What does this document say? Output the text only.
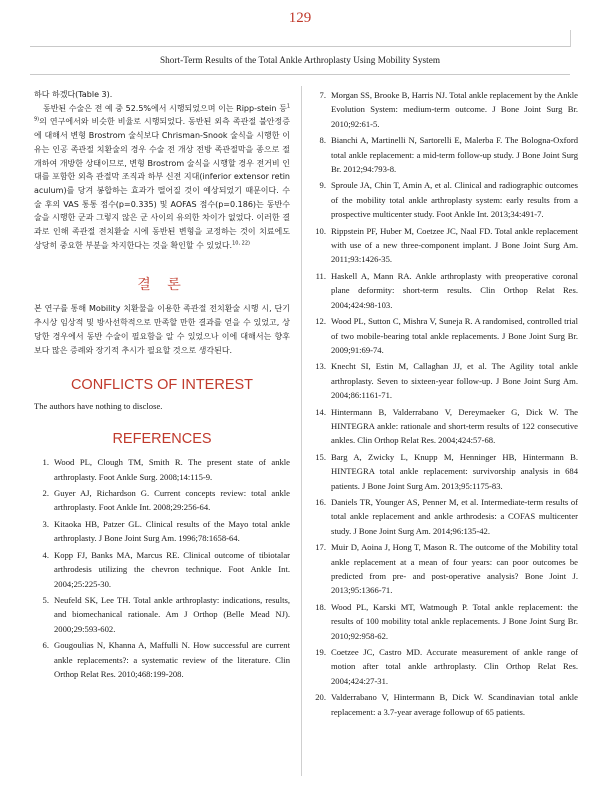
129
Short-Term Results of the Total Ankle Arthroplasty Using Mobility System

하다 하겠다(Table 3).

동반된 수술은 전 예 중 52.5%에서 시행되었으며 이는 Ripp-stein 등$^{19)}$의 연구에서와 비슷한 비율로 시행되었다. 동반된 외측 족관절 불안정증에 대해서 변형 Brostrom 술식보다 Chrisman-Snook 술식을 시행한 이유는 인공 족관절 치환술의 경우 수술 전 개상 전방 족관절막을 종으로 절개하여 개방한 상태이므로, 변형 Brostrom 술식을 시행할 경우 전거비 인대를 포함한 외측 관절막 조직과 하부 신전 지대(inferior extensor retinaculum)를 당겨 봉합하는 효과가 떨어질 것이 예상되었기 때문이다. 수술 후의 VAS 통통 점수(p=0.335) 및 AOFAS 점수(p=0.186)는 동반수술을 시행한 군과 그렇지 않은 군 사이의 유의한 차이가 없었다. 이러한 결과로 인해 족관절 전치환술 시에 동반된 변형을 교정하는 것이 치료에도 상당히 중요한 부분을 차지한다는 것을 확인할 수 있었다.$^{10, 22)}$

결 론

본 연구를 통해 Mobility 치환물을 이용한 족관절 전치환술 시행 시, 단기 추시상 임상적 및 방사선학적으로 만족할 만한 결과를 얻을 수 있었고, 상당한 경우에서 동반 수술이 필요함을 알 수 있었으나 이에 대해서는 향후 보다 많은 증례와 장기적 추시가 필요할 것으로 생각된다.

CONFLICTS OF INTEREST

The authors have nothing to disclose.

REFERENCES
1. Wood PL, Clough TM, Smith R. The present state of ankle arthroplasty. Foot Ankle Surg. 2008;14:115-9.
2. Guyer AJ, Richardson G. Current concepts review: total ankle arthroplasty. Foot Ankle Int. 2008;29:256-64.
3. Kitaoka HB, Patzer GL. Clinical results of the Mayo total ankle arthroplasty. J Bone Joint Surg Am. 1996;78:1658-64.
4. Kopp FJ, Banks MA, Marcus RE. Clinical outcome of tibiotalar arthrodesis utilizing the chevron technique. Foot Ankle Int. 2004;25:225-30.
5. Neufeld SK, Lee TH. Total ankle arthroplasty: indications, results, and biomechanical rationale. Am J Orthop (Belle Mead NJ). 2000;29:593-602.
6. Gougoulias N, Khanna A, Maffulli N. How successful are current ankle replacements?: a systematic review of the literature. Clin Orthop Relat Res. 2010;468:199-208.
7. Morgan SS, Brooke B, Harris NJ. Total ankle replacement by the Ankle Evolution System: medium-term outcome. J Bone Joint Surg Br. 2010;92:61-5.
8. Bianchi A, Martinelli N, Sartorelli E, Malerba F. The Bologna-Oxford total ankle replacement: a mid-term follow-up study. J Bone Joint Surg Br. 2012;94:793-8.
9. Sproule JA, Chin T, Amin A, et al. Clinical and radiographic outcomes of the mobility total ankle arthroplasty system: early results from a prospective multicenter study. Foot Ankle Int. 2013;34:491-7.
10. Rippstein PF, Huber M, Coetzee JC, Naal FD. Total ankle replacement with use of a new three-component implant. J Bone Joint Surg Am. 2011;93:1426-35.
11. Haskell A, Mann RA. Ankle arthroplasty with preoperative coronal plane deformity: short-term results. Clin Orthop Relat Res. 2004;424:98-103.
12. Wood PL, Sutton C, Mishra V, Suneja R. A randomised, controlled trial of two mobile-bearing total ankle replacements. J Bone Joint Surg Br. 2009;91:69-74.
13. Knecht SI, Estin M, Callaghan JJ, et al. The Agility total ankle arthroplasty. Seven to sixteen-year follow-up. J Bone Joint Surg Am. 2004;86:1161-71.
14. Hintermann B, Valderrabano V, Dereymaeker G, Dick W. The HINTEGRA ankle: rationale and short-term results of 122 consecutive ankles. Clin Orthop Relat Res. 2004;424:57-68.
15. Barg A, Zwicky L, Knupp M, Henninger HB, Hintermann B. HINTEGRA total ankle replacement: survivorship analysis in 684 patients. J Bone Joint Surg Am. 2013;95:1175-83.
16. Daniels TR, Younger AS, Penner M, et al. Intermediate-term results of total ankle replacement and ankle arthrodesis: a COFAS multicenter study. J Bone Joint Surg Am. 2014;96:135-42.
17. Muir D, Aoina J, Hong T, Mason R. The outcome of the Mobility total ankle replacement at a mean of four years: can poor outcomes be predicted from pre- and post-operative analysis? Bone Joint J. 2013;95:1366-71.
18. Wood PL, Karski MT, Watmough P. Total ankle replacement: the results of 100 mobility total ankle replacements. J Bone Joint Surg Br. 2010;92:958-62.
19. Coetzee JC, Castro MD. Accurate measurement of ankle range of motion after total ankle arthroplasty. Clin Orthop Relat Res. 2004;424:27-31.
20. Valderrabano V, Hintermann B, Dick W. Scandinavian total ankle replacement: a 3.7-year average followup of 65 patients.
